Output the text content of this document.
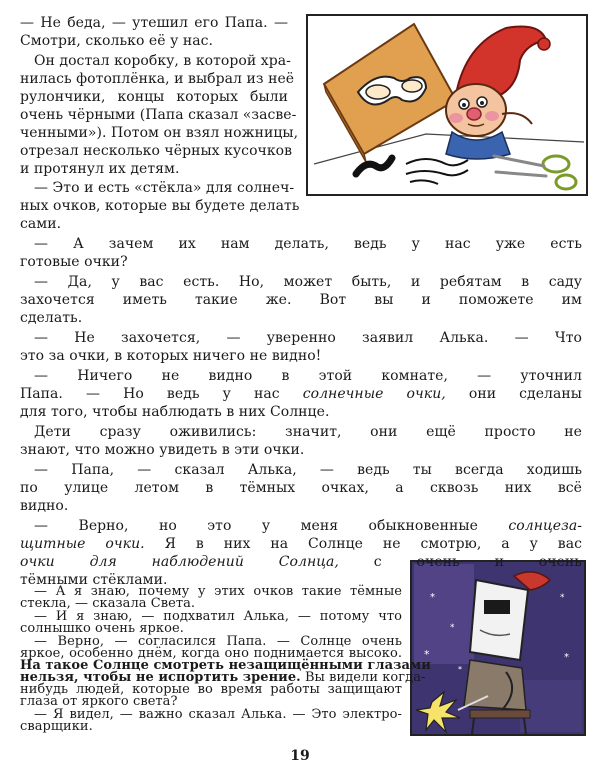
*
*
*
*
*
*
— Не беда, — утешил его Папа. —
Смотри, сколько её у нас.
Он достал коробку, в которой хра-
нилась фотоплёнка, и выбрал из неё
рулончики, концы которых были
очень чёрными (Папа сказал «засве-
ченными»). Потом он взял ножницы,
отрезал несколько чёрных кусочков
и протянул их детям.
— Это и есть «стёкла» для солнеч-
ных очков, которые вы будете делать
сами.
— А зачем их нам делать, ведь у нас уже есть
готовые очки?
— Да, у вас есть. Но, может быть, и ребятам в саду
захочется иметь такие же. Вот вы и поможете им
сделать.
— Не захочется, — уверенно заявил Алька. — Что
это за очки, в которых ничего не видно!
— Ничего не видно в этой комнате, — уточнил
Папа. — Но ведь у нас солнечные очки, они сделаны
для того, чтобы наблюдать в них Солнце.
Дети сразу оживились: значит, они ещё просто не
знают, что можно увидеть в эти очки.
— Папа, — сказал Алька, — ведь ты всегда ходишь
по улице летом в тёмных очках, а сквозь них всё
видно.
— Верно, но это у меня обыкновенные солнцеза-
щитные очки. Я в них на Солнце не смотрю, а у вас
очки для наблюдений Солнца, с очень и очень
тёмными стёклами.
— А я знаю, почему у этих очков такие тёмные
стекла, — сказала Света.
— И я знаю, — подхватил Алька, — потому что
солнышко очень яркое.
— Верно, — согласился Папа. — Солнце очень
яркое, особенно днём, когда оно поднимается высоко.
На такое Солнце смотреть незащищёнными глазами
нельзя, чтобы не испортить зрение. Вы видели когда-
19
нибудь людей, которые во время работы защищают
глаза от яркого света?
— Я видел, — важно сказал Алька. — Это электро-
сварщики.
